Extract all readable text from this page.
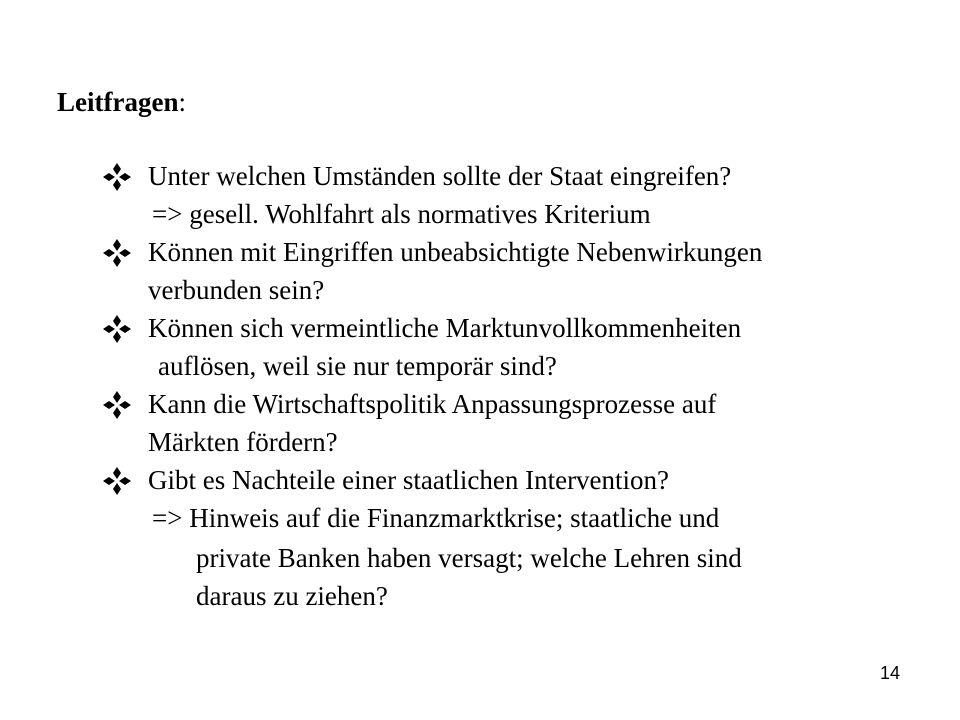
Leitfragen:
Unter welchen Umständen sollte der Staat eingreifen?
=> gesell. Wohlfahrt als normatives Kriterium
Können mit Eingriffen unbeabsichtigte Nebenwirkungen
verbunden sein?
Können sich vermeintliche Marktunvollkommenheiten
auflösen, weil sie nur temporär sind?
Kann die Wirtschaftspolitik Anpassungsprozesse auf
Märkten fördern?
Gibt es Nachteile einer staatlichen Intervention?
=> Hinweis auf die Finanzmarktkrise; staatliche und
private Banken haben versagt; welche Lehren sind
daraus zu ziehen?
14
